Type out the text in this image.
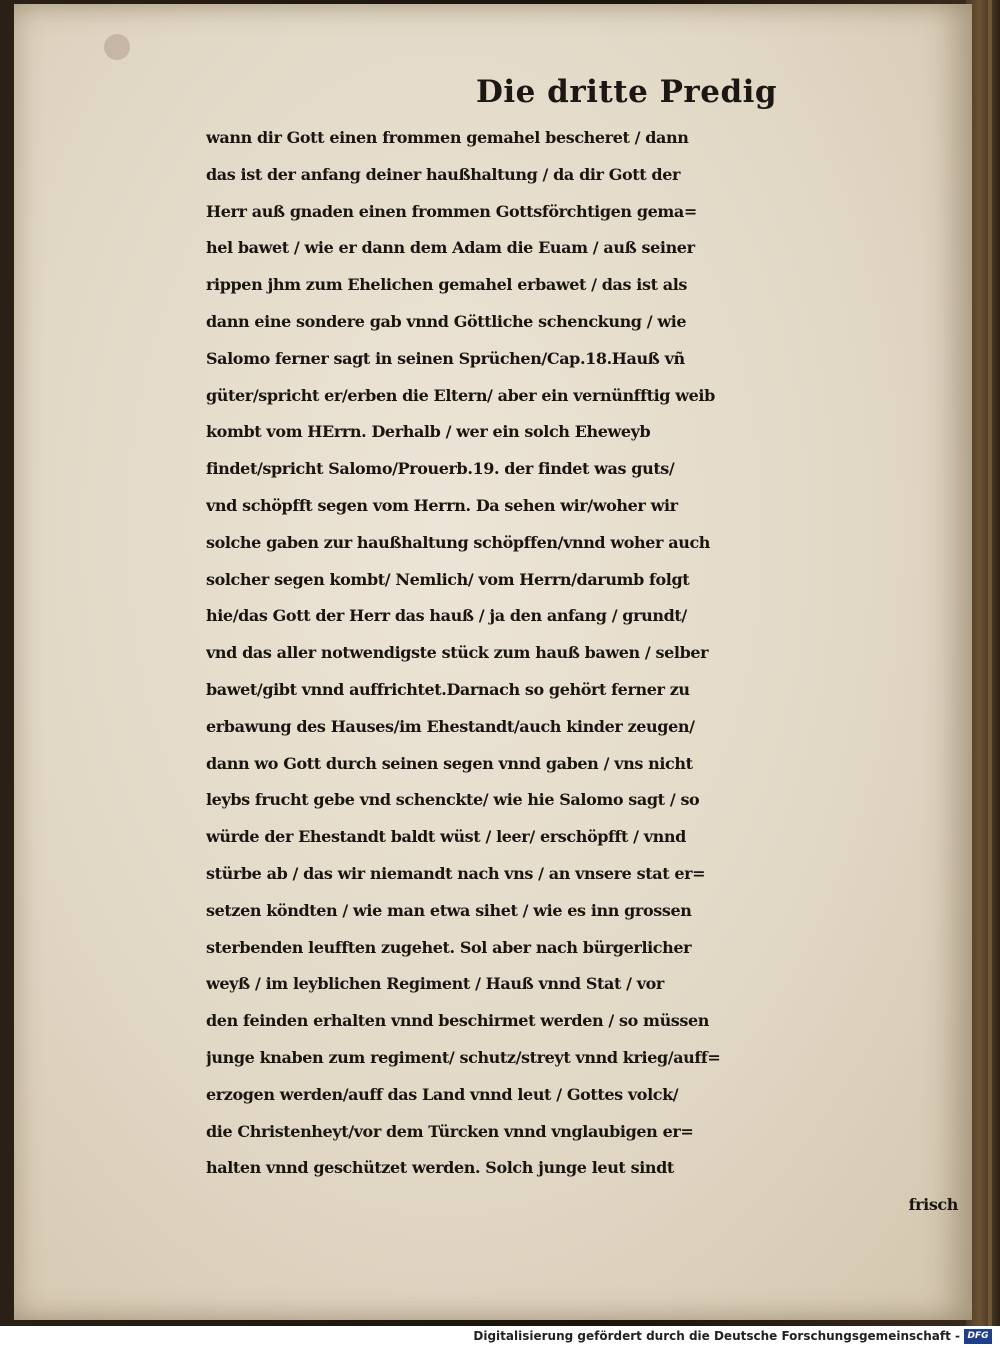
Die dritte Predig
wann dir Gott einen frommen gemahel bescheret / dann
das ist der anfang deiner haußhaltung / da dir Gott der
Herr auß gnaden einen frommen Gottsförchtigen gema=
hel bawet / wie er dann dem Adam die Euam / auß seiner
rippen jhm zum Ehelichen gemahel erbawet / das ist als
dann eine sondere gab vnnd Göttliche schenckung / wie
Salomo ferner sagt in seinen Sprüchen/Cap.18.Hauß vñ
güter/spricht er/erben die Eltern/ aber ein vernünfftig weib
kombt vom HErrn. Derhalb / wer ein solch Eheweyb
findet/spricht Salomo/Prouerb.19. der findet was guts/
vnd schöpfft segen vom Herrn. Da sehen wir/woher wir
solche gaben zur haußhaltung schöpffen/vnnd woher auch
solcher segen kombt/ Nemlich/ vom Herrn/darumb folgt
hie/das Gott der Herr das hauß / ja den anfang / grundt/
vnd das aller notwendigste stück zum hauß bawen / selber
bawet/gibt vnnd auffrichtet.Darnach so gehört ferner zu
erbawung des Hauses/im Ehestandt/auch kinder zeugen/
dann wo Gott durch seinen segen vnnd gaben / vns nicht
leybs frucht gebe vnd schenckte/ wie hie Salomo sagt / so
würde der Ehestandt baldt wüst / leer/ erschöpfft / vnnd
stürbe ab / das wir niemandt nach vns / an vnsere stat er=
setzen köndten / wie man etwa sihet / wie es inn grossen
sterbenden leufften zugehet. Sol aber nach bürgerlicher
weyß / im leyblichen Regiment / Hauß vnnd Stat / vor
den feinden erhalten vnnd beschirmet werden / so müssen
junge knaben zum regiment/ schutz/streyt vnnd krieg/auff=
erzogen werden/auff das Land vnnd leut / Gottes volck/
die Christenheyt/vor dem Türcken vnnd vnglaubigen er=
halten vnnd geschützet werden. Solch junge leut sindt
frisch
Digitalisierung gefördert durch die Deutsche Forschungsgemeinschaft - DFG
